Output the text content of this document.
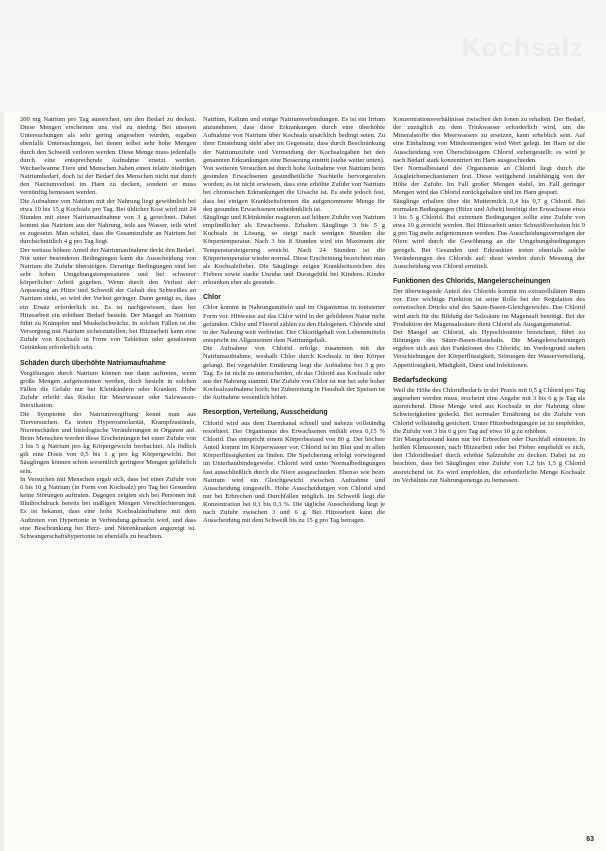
Kochsalz

200 mg Natrium pro Tag ausreichen, um den Bedarf zu decken. Diese Mengen erscheinen uns viel zu niedrig. Bei unseren Untersuchungen als sehr gering angesehen wurden, ergaben ebenfalls Untersuchungen, bei denen selbst sehr hohe Mengen durch den Schweiß verloren werden. Diese Menge muss jedenfalls durch eine entsprechende Aufnahme ersetzt werden. Wechselwarme Tiere und Menschen haben einen relativ niedrigen Natriumbedarf, doch ist der Bedarf des Menschen nicht nur durch den Natriumverlust im Harn zu decken, sondern er muss vernünftig bemessen werden.

Die Aufnahme von Natrium mit der Nahrung liegt gewöhnlich bei etwa 10 bis 15 g Kochsalz pro Tag. Bei üblicher Kost wird mit 24 Stunden mit einer Natriumaufnahme von 3 g gerechnet. Dabei kommt das Natrium aus der Nahrung, teils aus Wasser, teils wird es zugesetzt. Man schätzt, dass die Gesamtzufuhr an Natrium bei durchschnittlich 4 g pro Tag liegt.

Der weitaus höhere Anteil der Natriumaufnahme deckt den Bedarf. Nur unter besonderen Bedingungen kann die Ausscheidung von Natrium die Zufuhr übersteigen. Derartige Bedingungen sind bei sehr hohen Umgebungstemperaturen und bei schwerer körperlicher Arbeit gegeben. Wenn durch den Verlust der Anpassung an Hitze und Schweiß der Gehalt des Schweißes an Natrium sinkt, so wird der Verlust geringer. Dann genügt es, dass ein Ersatz erforderlich ist. Es ist nachgewiesen, dass bei Hitzearbeit ein erhöhter Bedarf besteht. Der Mangel an Natrium führt zu Krämpfen und Muskelschwäche. In solchen Fällen ist die Versorgung mit Natrium sicherzustellen; bei Hitzearbeit kann eine Zufuhr von Kochsalz in Form von Tabletten oder gesalzenen Getränken erforderlich sein.

Schäden durch überhöhte Natriumaufnahme

Vergiftungen durch Natrium können nur dann auftreten, wenn große Mengen aufgenommen werden, doch besteht in solchen Fällen die Gefahr nur bei Kleinkindern oder Kranken. Hohe Zufuhr erhöht das Risiko für Meerwasser oder Salzwasser-Intoxikation.

Die Symptome der Natriumvergiftung kennt man aus Tierversuchen. Es treten Hyperosmolarität, Krampfzustände, Nierenschäden und histologische Veränderungen in Organen auf. Beim Menschen werden diese Erscheinungen bei einer Zufuhr von 3 bis 5 g Natrium pro kg Körpergewicht beobachtet. Als tödlich gilt eine Dosis von 0,5 bis 1 g pro kg Körpergewicht. Bei Säuglingen können schon wesentlich geringere Mengen gefährlich sein.

In Versuchen mit Menschen ergab sich, dass bei einer Zufuhr von 6 bis 10 g Natrium (in Form von Kochsalz) pro Tag bei Gesunden keine Störungen auftraten. Dagegen zeigten sich bei Personen mit Bluthochdruck bereits bei mäßigen Mengen Verschlechterungen. Es ist bekannt, dass eine hohe Kochsalzaufnahme mit dem Auftreten von Hypertonie in Verbindung gebracht wird, und dass eine Beschränkung bei Herz- und Nierenkranken angezeigt ist. Schwangerschaftshypertonie ist ebenfalls zu beachten.

Natrium, Kalium und einige Natriumverbindungen. Es ist ein Irrtum anzunehmen, dass diese Erkrankungen durch eine überhöhte Aufnahme von Natrium über Kochsalz ursächlich bedingt seien. Zu ihrer Entstehung steht aber im Gegensatz, dass durch Beschränkung der Natriumzufuhr und Vermeidung der Kochsalzgaben bei den genannten Erkrankungen eine Besserung eintritt (siehe weiter unten).

Von weiteren Versuchen ist durch hohe Aufnahme von Natrium beim gesunden Erwachsenen gesundheitliche Nachteile hervorgerufen worden; es ist nicht erwiesen, dass eine erhöhte Zufuhr von Natrium bei chronischen Erkrankungen die Ursache ist. Es steht jedoch fest, dass bei einigen Krankheitsformen die aufgenommene Menge für den gesunden Erwachsenen unbedenklich ist.

Säuglinge und Kleinkinder reagieren auf höhere Zufuhr von Natrium empfindlicher als Erwachsene. Erhalten Säuglinge 3 bis 5 g Kochsalz in Lösung, so steigt nach wenigen Stunden die Körpertemperatur. Nach 3 bis 8 Stunden wird ein Maximum der Temperatursteigerung erreicht. Nach 24 Stunden ist die Körpertemperatur wieder normal. Diese Erscheinung bezeichnet man als Kochsalzfieber. Die Säuglinge zeigen Krankheitszeichen des Fiebers sowie starke Unruhe und Durstgefühl bei Kindern. Kinder erkranken eher als gesunde.

Chlor

Chlor kommt in Nahrungsmitteln und im Organismus in ionisierter Form vor. Hinweise auf das Chlor wird in der gebildeten Natur nicht gefunden. Chlor und Fluorid zählen zu den Halogenen. Chloride sind in der Nahrung weit verbreitet. Der Chloridgehalt von Lebensmitteln entspricht im Allgemeinen dem Natriumgehalt.

Die Aufnahme von Chlorid erfolgt zusammen mit der Natriumaufnahme, weshalb Chlor durch Kochsalz in den Körper gelangt. Bei vegetabiler Ernährung liegt die Aufnahme bei 3 g pro Tag. Es ist nicht zu unterscheiden, ob das Chlorid aus Kochsalz oder aus der Nahrung stammt. Die Zufuhr von Chlor ist nur bei sehr hoher Kochsalzaufnahme hoch; bei Zubereitung in Haushalt der Speisen ist die Aufnahme wesentlich höher.

Resorption, Verteilung, Ausscheidung

Chlorid wird aus dem Darmkanal schnell und nahezu vollständig resorbiert. Der Organismus des Erwachsenen enthält etwa 0,15 % Chlorid. Das entspricht einem Körperbestand von 80 g. Der höchste Anteil kommt im Körperwasser vor. Chlorid ist im Blut und in allen Körperflüssigkeiten zu finden. Die Speicherung erfolgt vorwiegend im Unterhautbindegewebe. Chlorid wird unter Normalbedingungen fast ausschließlich durch die Niere ausgeschieden. Ebenso wie beim Natrium wird ein Gleichgewicht zwischen Aufnahme und Ausscheidung eingestellt. Hohe Ausscheidungen von Chlorid sind nur bei Erbrechen und Durchfällen möglich. Im Schweiß liegt die Konzentration bei 0,1 bis 0,3 %. Die tägliche Ausscheidung liegt je nach Zufuhr zwischen 3 und 6 g. Bei Hitzearbeit kann die Ausscheidung mit dem Schweiß bis zu 15 g pro Tag betragen.

Konzentrationsverhältnisse zwischen den Ionen zu erhalten. Der Bedarf, der zuzüglich zu dem Trinkwasser erforderlich wird, um die Mineralstoffe des Meerwassers zu ersetzen, kann erheblich sein. Auf eine Einhaltung von Mindestmengen wird Wert gelegt. Im Harn ist die Ausscheidung von Überschüssigem Chlorid sichergestellt; es wird je nach Bedarf stark konzentriert im Harn ausgeschieden.

Der Normalbestand des Organismus an Chlorid liegt durch die Ausgleichsmechanismen fest. Diese weitgehend unabhängig von der Höhe der Zufuhr. Im Fall großer Mengen stabil, im Fall geringer Mengen wird das Chlorid zurückgehalten und im Harn gespart.

Säuglinge erhalten über die Muttermilch 0,4 bis 0,7 g Chlorid. Bei normalen Bedingungen (Hitze und Arbeit) benötigt der Erwachsene etwa 3 bis 5 g Chlorid. Bei extremen Bedingungen sollte eine Zufuhr von etwa 10 g erreicht werden. Bei Hitzearbeit unter Schweißverlusten bis 9 g pro Tag mehr aufgenommen werden. Das Ausscheidungsvermögen der Niere wird durch die Gewöhnung an die Umgebungsbedingungen geregelt. Bei Gesunden und Erkrankten treten ebenfalls solche Veränderungen des Chlorids auf; diese werden durch Messung der Ausscheidung von Chlorid ermittelt.

Funktionen des Chlorids, Mangelerscheinungen

Der überwiegende Anteil des Chlorids kommt im extrazellulären Raum vor. Eine wichtige Funktion ist seine Rolle bei der Regulation des osmotischen Drucks und des Säure-Basen-Gleichgewichts. Das Chlorid wird auch für die Bildung der Salzsäure im Magensaft benötigt. Bei der Produktion der Magensalzsäure dient Chlorid als Ausgangsmaterial.

Der Mangel an Chlorid, als Hypochlorämie bezeichnet, führt zu Störungen des Säure-Basen-Haushalts. Die Mangelerscheinungen ergeben sich aus den Funktionen des Chlorids; im Vordergrund stehen Verschiebungen der Körperflüssigkeit, Störungen der Wasserverteilung, Appetitlosigkeit, Müdigkeit, Durst und Infektionen.

Bedarfsdeckung

Weil die Höhe des Chloridbedarfs in der Praxis mit 0,5 g Chlorid pro Tag angesehen werden muss, erscheint eine Angabe mit 3 bis 6 g je Tag als ausreichend. Diese Menge wird aus Kochsalz in der Nahrung ohne Schwierigkeiten gedeckt. Bei normaler Ernährung ist die Zufuhr von Chlorid vollständig gesichert. Unter Hitzebedingungen ist zu empfehlen, die Zufuhr von 3 bis 6 g pro Tag auf etwa 10 g zu erhöhen.

Ein Mangelzustand kann nur bei Erbrechen oder Durchfall eintreten. In heißen Klimazonen, nach Hitzearbeit oder bei Fieber empfiehlt es sich, den Chloridbedarf durch erhöhte Salzzufuhr zu decken. Dabei ist zu beachten, dass bei Säuglingen eine Zufuhr von 1,2 bis 1,5 g Chlorid ausreichend ist. Es wird empfohlen, die erforderliche Menge Kochsalz im Verhältnis zur Nahrungsmenge zu bemessen.

63
